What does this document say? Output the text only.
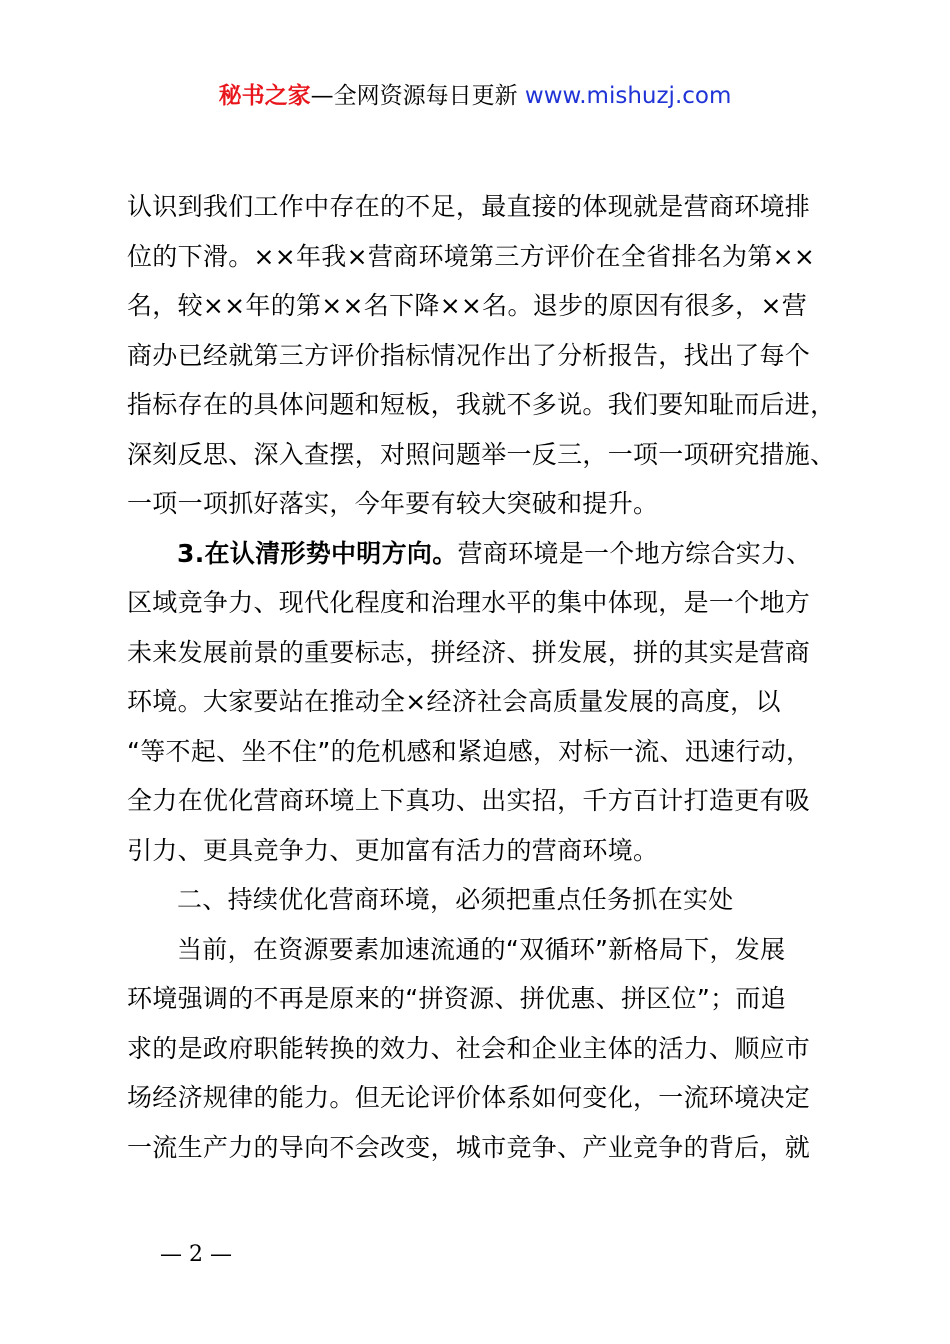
秘书之家—全网资源每日更新 www.mishuzj.com
认识到我们工作中存在的不足，最直接的体现就是营商环境排
位的下滑。××年我×营商环境第三方评价在全省排名为第××
名，较××年的第××名下降××名。退步的原因有很多，×营
商办已经就第三方评价指标情况作出了分析报告，找出了每个
指标存在的具体问题和短板，我就不多说。我们要知耻而后进，
深刻反思、深入查摆，对照问题举一反三，一项一项研究措施、
一项一项抓好落实，今年要有较大突破和提升。
3.在认清形势中明方向。营商环境是一个地方综合实力、
区域竞争力、现代化程度和治理水平的集中体现，是一个地方
未来发展前景的重要标志，拼经济、拼发展，拼的其实是营商
环境。大家要站在推动全×经济社会高质量发展的高度，以
“等不起、坐不住”的危机感和紧迫感，对标一流、迅速行动，
全力在优化营商环境上下真功、出实招，千方百计打造更有吸
引力、更具竞争力、更加富有活力的营商环境。
二、持续优化营商环境，必须把重点任务抓在实处
当前，在资源要素加速流通的“双循环”新格局下，发展
环境强调的不再是原来的“拼资源、拼优惠、拼区位”；而追
求的是政府职能转换的效力、社会和企业主体的活力、顺应市
场经济规律的能力。但无论评价体系如何变化，一流环境决定
一流生产力的导向不会改变，城市竞争、产业竞争的背后，就
— 2 —
